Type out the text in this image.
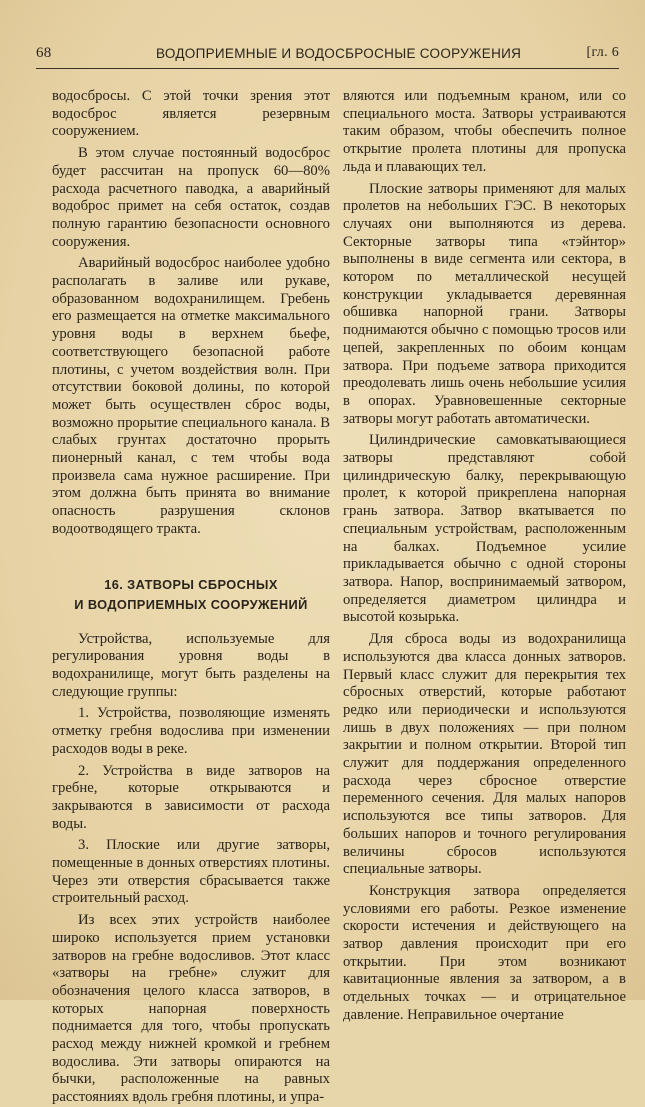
68	ВОДОПРИЕМНЫЕ И ВОДОСБРОСНЫЕ СООРУЖЕНИЯ	[гл. 6

водосбросы. С этой точки зрения этот водосброс является резервным сооружением.

В этом случае постоянный водосброс будет рассчитан на пропуск 60—80% расхода расчетного паводка, а аварийный водоброс примет на себя остаток, создав полную гарантию безопасности основного сооружения.

Аварийный водосброс наиболее удобно располагать в заливе или рукаве, образованном водохранилищем. Гребень его размещается на отметке максимального уровня воды в верхнем бьефе, соответствующего безопасной работе плотины, с учетом воздействия волн. При отсутствии боковой долины, по которой может быть осуществлен сброс воды, возможно прорытие специального канала. В слабых грунтах достаточно прорыть пионерный канал, с тем чтобы вода произвела сама нужное расширение. При этом должна быть принята во внимание опасность разрушения склонов водоотводящего тракта.

16. ЗАТВОРЫ СБРОСНЫХ
И ВОДОПРИЕМНЫХ СООРУЖЕНИЙ

Устройства, используемые для регулирования уровня воды в водохранилище, могут быть разделены на следующие группы:

1. Устройства, позволяющие изменять отметку гребня водослива при изменении расходов воды в реке.

2. Устройства в виде затворов на гребне, которые открываются и закрываются в зависимости от расхода воды.

3. Плоские или другие затворы, помещенные в донных отверстиях плотины. Через эти отверстия сбрасывается также строительный расход.

Из всех этих устройств наиболее широко используется прием установки затворов на гребне водосливов. Этот класс «затворы на гребне» служит для обозначения целого класса затворов, в которых напорная поверхность поднимается для того, чтобы пропускать расход между нижней кромкой и гребнем водослива. Эти затворы опираются на бычки, расположенные на равных расстояниях вдоль гребня плотины, и упра-

вляются или подъемным краном, или со специального моста. Затворы устраиваются таким образом, чтобы обеспечить полное открытие пролета плотины для пропуска льда и плавающих тел.

Плоские затворы применяют для малых пролетов на небольших ГЭС. В некоторых случаях они выполняются из дерева. Секторные затворы типа «тэйнтор» выполнены в виде сегмента или сектора, в котором по металлической несущей конструкции укладывается деревянная обшивка напорной грани. Затворы поднимаются обычно с помощью тросов или цепей, закрепленных по обоим концам затвора. При подъеме затвора приходится преодолевать лишь очень небольшие усилия в опорах. Уравновешенные секторные затворы могут работать автоматически.

Цилиндрические самовкатывающиеся затворы представляют собой цилиндрическую балку, перекрывающую пролет, к которой прикреплена напорная грань затвора. Затвор вкатывается по специальным устройствам, расположенным на балках. Подъемное усилие прикладывается обычно с одной стороны затвора. Напор, воспринимаемый затвором, определяется диаметром цилиндра и высотой козырька.

Для сброса воды из водохранилища используются два класса донных затворов. Первый класс служит для перекрытия тех сбросных отверстий, которые работают редко или периодически и используются лишь в двух положениях — при полном закрытии и полном открытии. Второй тип служит для поддержания определенного расхода через сбросное отверстие переменного сечения. Для малых напоров используются все типы затворов. Для больших напоров и точного регулирования величины сбросов используются специальные затворы.

Конструкция затвора определяется условиями его работы. Резкое изменение скорости истечения и действующего на затвор давления происходит при его открытии. При этом возникают кавитационные явления за затвором, а в отдельных точках — и отрицательное давление. Неправильное очертание
